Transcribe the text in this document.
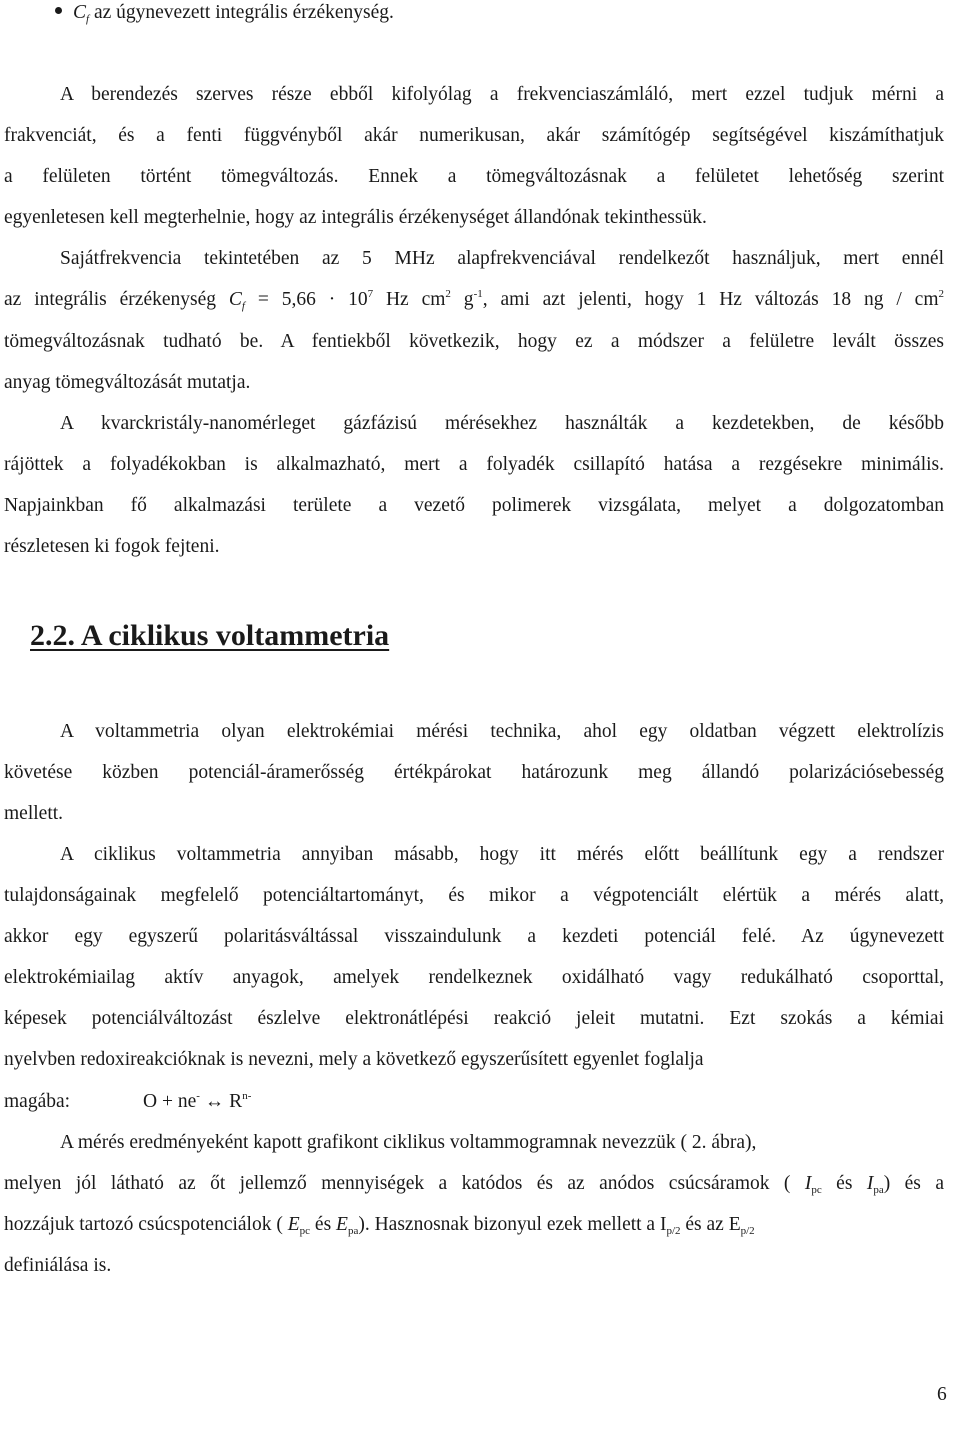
$C_f$ az úgynevezett integrális érzékenység.
A berendezés szerves része ebből kifolyólag a frekvenciaszámláló, mert ezzel tudjuk mérni a
frakvenciát, és a fenti függvényből akár numerikusan, akár számítógép segítségével kiszámíthatjuk
a felületen történt tömegváltozás. Ennek a tömegváltozásnak a felületet lehetőség szerint
egyenletesen kell megterhelnie, hogy az integrális érzékenységet állandónak tekinthessük.
Sajátfrekvencia tekintetében az 5 MHz alapfrekvenciával rendelkezőt használjuk, mert ennél
az integrális érzékenység $C_f = 5,66 \cdot 10^7$ Hz $cm^2$ $g^{-1}$, ami azt jelenti, hogy 1 Hz változás 18 ng / $cm^2$
tömegváltozásnak tudható be. A fentiekből következik, hogy ez a módszer a felületre levált összes
anyag tömegváltozását mutatja.
A kvarckristály-nanomérleget gázfázisú mérésekhez használták a kezdetekben, de később
rájöttek a folyadékokban is alkalmazható, mert a folyadék csillapító hatása a rezgésekre minimális.
Napjainkban fő alkalmazási területe a vezető polimerek vizsgálata, melyet a dolgozatomban
részletesen ki fogok fejteni.
2.2. A ciklikus voltammetria
A voltammetria olyan elektrokémiai mérési technika, ahol egy oldatban végzett elektrolízis
követése közben potenciál-áramerősség értékpárokat határozunk meg állandó polarizációsebesség
mellett.
A ciklikus voltammetria annyiban másabb, hogy itt mérés előtt beállítunk egy a rendszer
tulajdonságainak megfelelő potenciáltartományt, és mikor a végpotenciált elértük a mérés alatt,
akkor egy egyszerű polaritásváltással visszaindulunk a kezdeti potenciál felé. Az úgynevezett
elektrokémiailag aktív anyagok, amelyek rendelkeznek oxidálható vagy redukálható csoporttal,
képesek potenciálváltozást észlelve elektronátlépési reakció jeleit mutatni. Ezt szokás a kémiai
nyelvben redoxireakcióknak is nevezni, mely a következő egyszerűsített egyenlet foglalja
magába:	O + ne- ↔ $R^{n-}$
A mérés eredményeként kapott grafikont ciklikus voltammogramnak nevezzük ( 2. ábra),
melyen jól látható az őt jellemző mennyiségek a katódos és az anódos csúcsáramok ( $I_{pc}$ és $I_{pa}$) és a
hozzájuk tartozó csúcspotenciálok ( $E_{pc}$ és $E_{pa}$). Hasznosnak bizonyul ezek mellett a $I_{p/2}$ és az $E_{p/2}$
definiálása is.
6
